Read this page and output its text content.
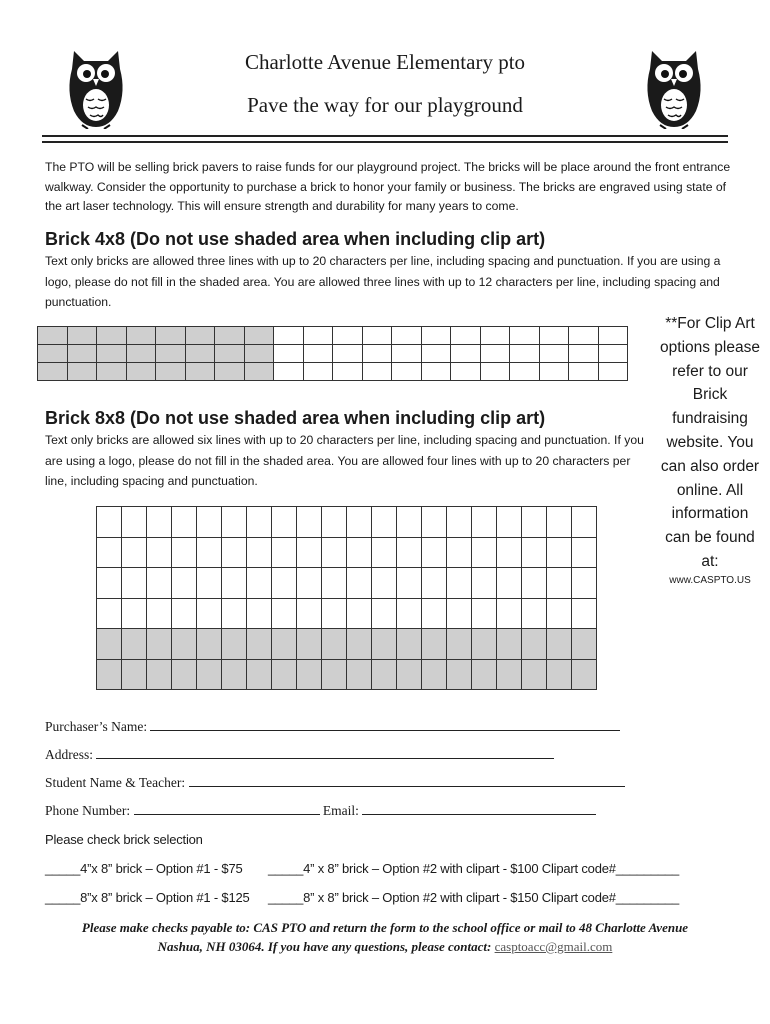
Charlotte Avenue Elementary pto
Pave the way for our playground
The PTO will be selling brick pavers to raise funds for our playground project. The bricks will be place around the front entrance walkway. Consider the opportunity to purchase a brick to honor your family or business. The bricks are engraved using state of the art laser technology. This will ensure strength and durability for many years to come.
Brick 4x8 (Do not use shaded area when including clip art)
Text only bricks are allowed three lines with up to 20 characters per line, including spacing and punctuation. If you are using a logo, please do not fill in the shaded area. You are allowed three lines with up to 12 characters per line, including spacing and punctuation.

**For Clip Art options please refer to our Brick fundraising website. You can also order online. All information can be found at:
www.CASPTO.US
Brick 8x8 (Do not use shaded area when including clip art)
Text only bricks are allowed six lines with up to 20 characters per line, including spacing and punctuation. If you are using a logo, please do not fill in the shaded area. You are allowed four lines with up to 20 characters per line, including spacing and punctuation.

Purchaser’s Name:
Address:
Student Name & Teacher:
Phone Number:	Email:
Please check brick selection
_____4”x 8” brick – Option #1 - $75 _____4” x 8” brick – Option #2 with clipart - $100 Clipart code#_________
_____8”x 8” brick – Option #1 - $125 _____8” x 8” brick – Option #2 with clipart - $150 Clipart code#_________
Please make checks payable to: CAS PTO and return the form to the school office or mail to 48 Charlotte Avenue
Nashua, NH 03064. If you have any questions, please contact: casptoacc@gmail.com
